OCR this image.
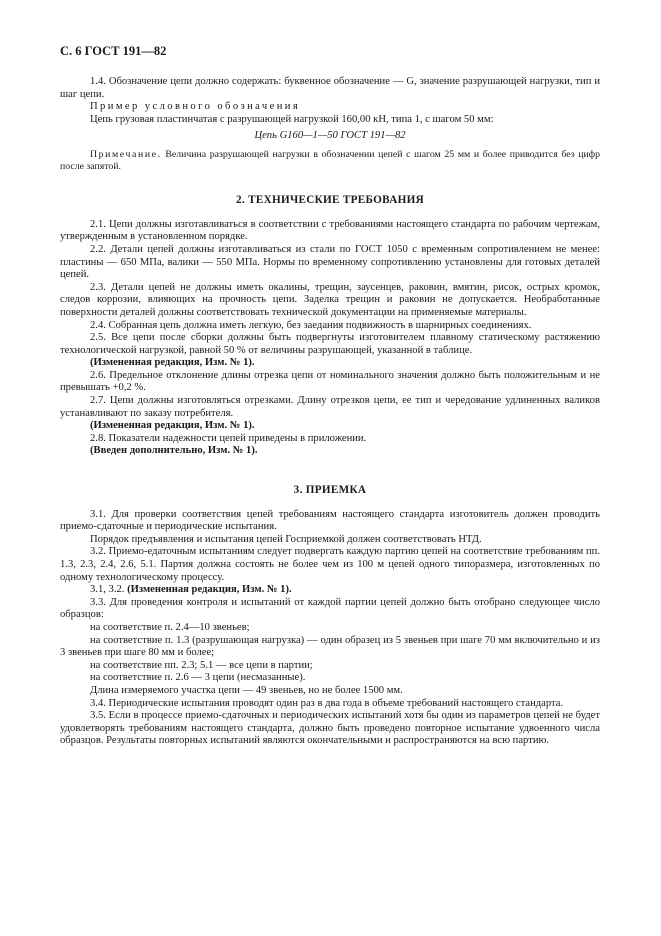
С. 6 ГОСТ 191—82

1.4. Обозначение цепи должно содержать: буквенное обозначение — G, значение разрушающей нагрузки, тип и шаг цепи.

Пример условного обозначения

Цепь грузовая пластинчатая с разрушающей нагрузкой 160,00 кН, типа 1, с шагом 50 мм:

Цепь G160—1—50 ГОСТ 191—82

Примечание. Величина разрушающей нагрузки в обозначении цепей с шагом 25 мм и более приводится без цифр после запятой.

2. ТЕХНИЧЕСКИЕ ТРЕБОВАНИЯ

2.1. Цепи должны изготавливаться в соответствии с требованиями настоящего стандарта по рабочим чертежам, утвержденным в установленном порядке.

2.2. Детали цепей должны изготавливаться из стали по ГОСТ 1050 с временным сопротивлением не менее: пластины — 650 МПа, валики — 550 МПа. Нормы по временному сопротивлению установлены для готовых деталей цепей.

2.3. Детали цепей не должны иметь окалины, трещин, заусенцев, раковин, вмятин, рисок, острых кромок, следов коррозии, влияющих на прочность цепи. Заделка трещин и раковин не допускается. Необработанные поверхности деталей должны соответствовать технической документации на применяемые материалы.

2.4. Собранная цепь должна иметь легкую, без заедания подвижность в шарнирных соединениях.

2.5. Все цепи после сборки должны быть подвергнуты изготовителем плавному статическому растяжению технологической нагрузкой, равной 50 % от величины разрушающей, указанной в таблице.

(Измененная редакция, Изм. № 1).

2.6. Предельное отклонение длины отрезка цепи от номинального значения должно быть положительным и не превышать +0,2 %.

2.7. Цепи должны изготовляться отрезками. Длину отрезков цепи, ее тип и чередование удлиненных валиков устанавливают по заказу потребителя.

(Измененная редакция, Изм. № 1).

2.8. Показатели надежности цепей приведены в приложении.

(Введен дополнительно, Изм. № 1).

3. ПРИЕМКА

3.1. Для проверки соответствия цепей требованиям настоящего стандарта изготовитель должен проводить приемо-сдаточные и периодические испытания.

Порядок предъявления и испытания цепей Госприемкой должен соответствовать НТД.

3.2. Приемо-едаточным испытаниям следует подвергать каждую партию цепей на соответствие требованиям пп. 1.3, 2.3, 2.4, 2.6, 5.1. Партия должна состоять не более чем из 100 м цепей одного типоразмера, изготовленных по одному технологическому процессу.

3.1, 3.2. (Измененная редакция, Изм. № 1).

3.3. Для проведения контроля и испытаний от каждой партии цепей должно быть отобрано следующее число образцов:

на соответствие п. 2.4—10 звеньев;

на соответствие п. 1.3 (разрушающая нагрузка) — один образец из 5 звеньев при шаге 70 мм включительно и из 3 звеньев при шаге 80 мм и более;

на соответствие пп. 2.3; 5.1 — все цепи в партии;

на соответствие п. 2.6 — 3 цепи (несмазанные).

Длина измеряемого участка цепи — 49 звеньев, но не более 1500 мм.

3.4. Периодические испытания проводят один раз в два года в объеме требований настоящего стандарта.

3.5. Если в процессе приемо-сдаточных и периодических испытаний хотя бы один из параметров цепей не будет удовлетворять требованиям настоящего стандарта, должно быть проведено повторное испытание удвоенного числа образцов. Результаты повторных испытаний являются окончательными и распространяются на всю партию.
